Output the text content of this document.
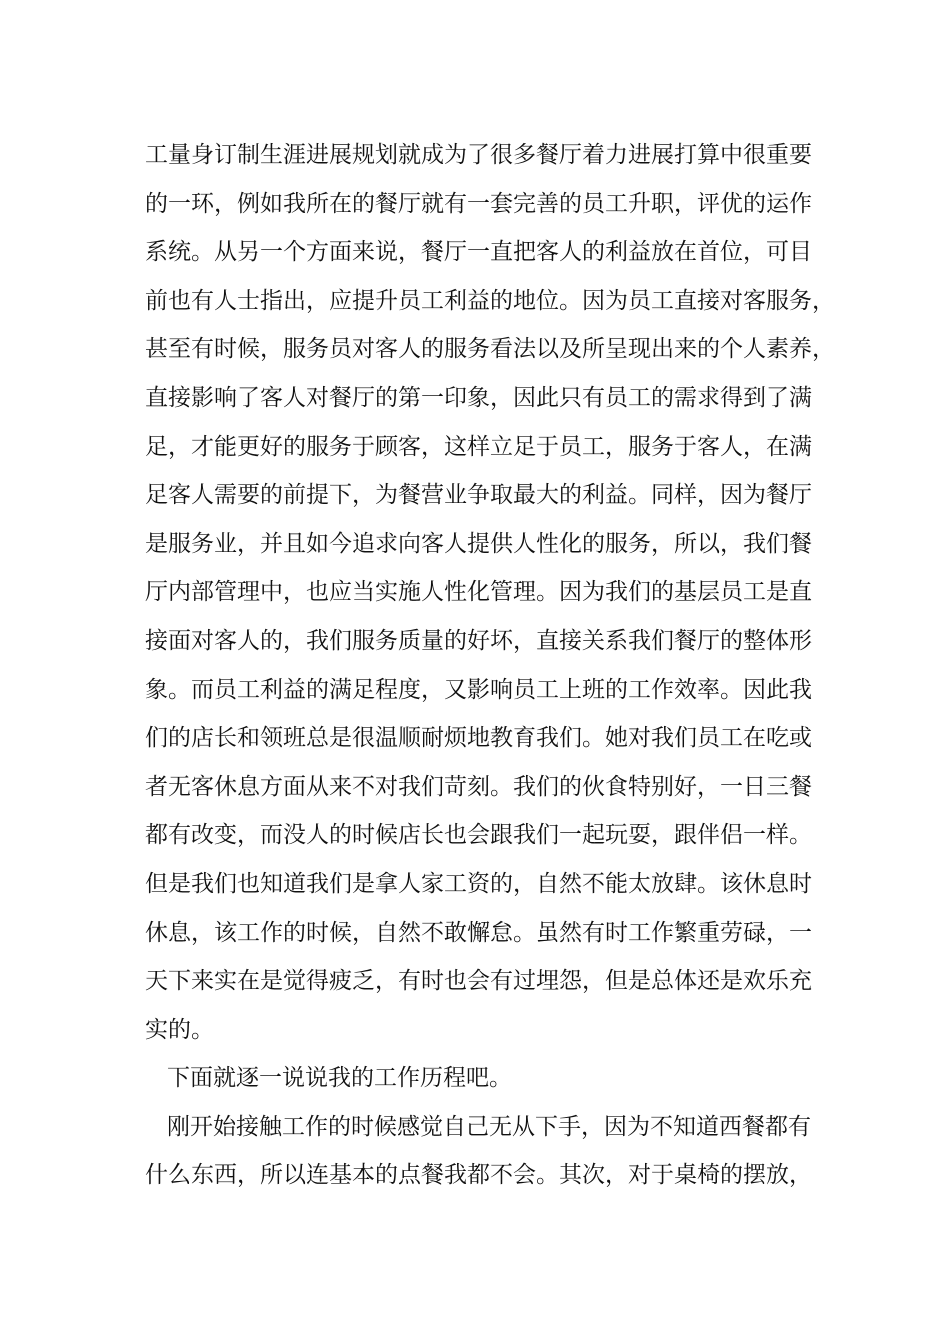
工量身订制生涯进展规划就成为了很多餐厅着力进展打算中很重要
的一环，例如我所在的餐厅就有一套完善的员工升职，评优的运作
系统。从另一个方面来说，餐厅一直把客人的利益放在首位，可目
前也有人士指出，应提升员工利益的地位。因为员工直接对客服务，
甚至有时候，服务员对客人的服务看法以及所呈现出来的个人素养，
直接影响了客人对餐厅的第一印象，因此只有员工的需求得到了满
足，才能更好的服务于顾客，这样立足于员工，服务于客人，在满
足客人需要的前提下，为餐营业争取最大的利益。同样，因为餐厅
是服务业，并且如今追求向客人提供人性化的服务，所以，我们餐
厅内部管理中，也应当实施人性化管理。因为我们的基层员工是直
接面对客人的，我们服务质量的好坏，直接关系我们餐厅的整体形
象。而员工利益的满足程度，又影响员工上班的工作效率。因此我
们的店长和领班总是很温顺耐烦地教育我们。她对我们员工在吃或
者无客休息方面从来不对我们苛刻。我们的伙食特别好，一日三餐
都有改变，而没人的时候店长也会跟我们一起玩耍，跟伴侣一样。
但是我们也知道我们是拿人家工资的，自然不能太放肆。该休息时
休息，该工作的时候，自然不敢懈怠。虽然有时工作繁重劳碌，一
天下来实在是觉得疲乏，有时也会有过埋怨，但是总体还是欢乐充
实的。
下面就逐一说说我的工作历程吧。
刚开始接触工作的时候感觉自己无从下手，因为不知道西餐都有
什么东西，所以连基本的点餐我都不会。其次，对于桌椅的摆放，
